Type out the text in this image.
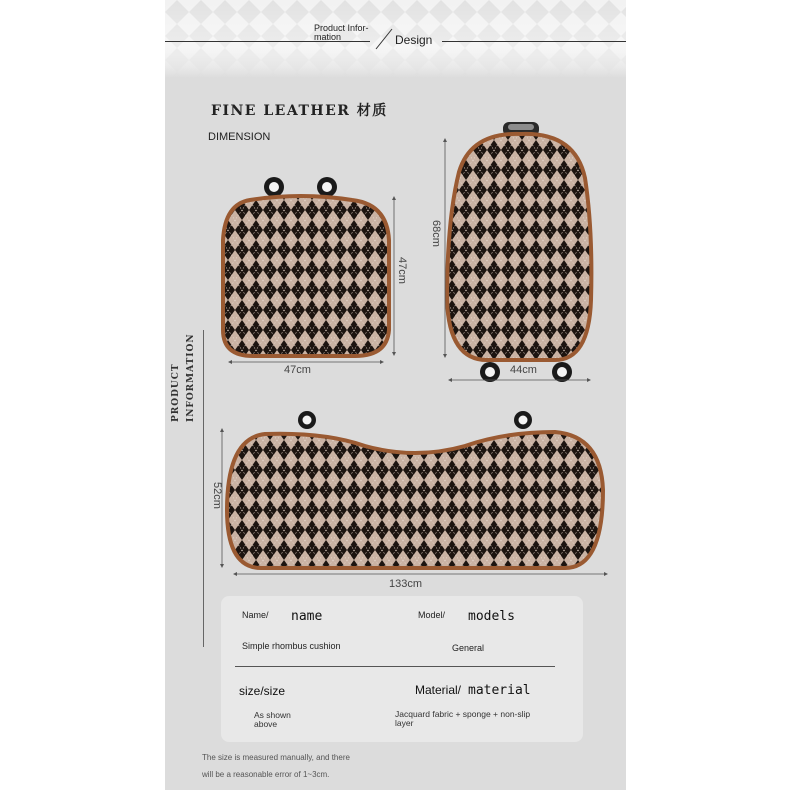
Product Infor-
mation	Design
FINE LEATHER 材质
DIMENSION
PRODUCT INFORMATION	47cm
47cm
44cm
68cm
133cm
52cm
Name/ name
Simple rhombus cushion
Model/ models
General
size/size
As shown
above
Material/ material
Jacquard fabric + sponge + non-slip
layer
The size is measured manually, and there
will be a reasonable error of 1~3cm.
